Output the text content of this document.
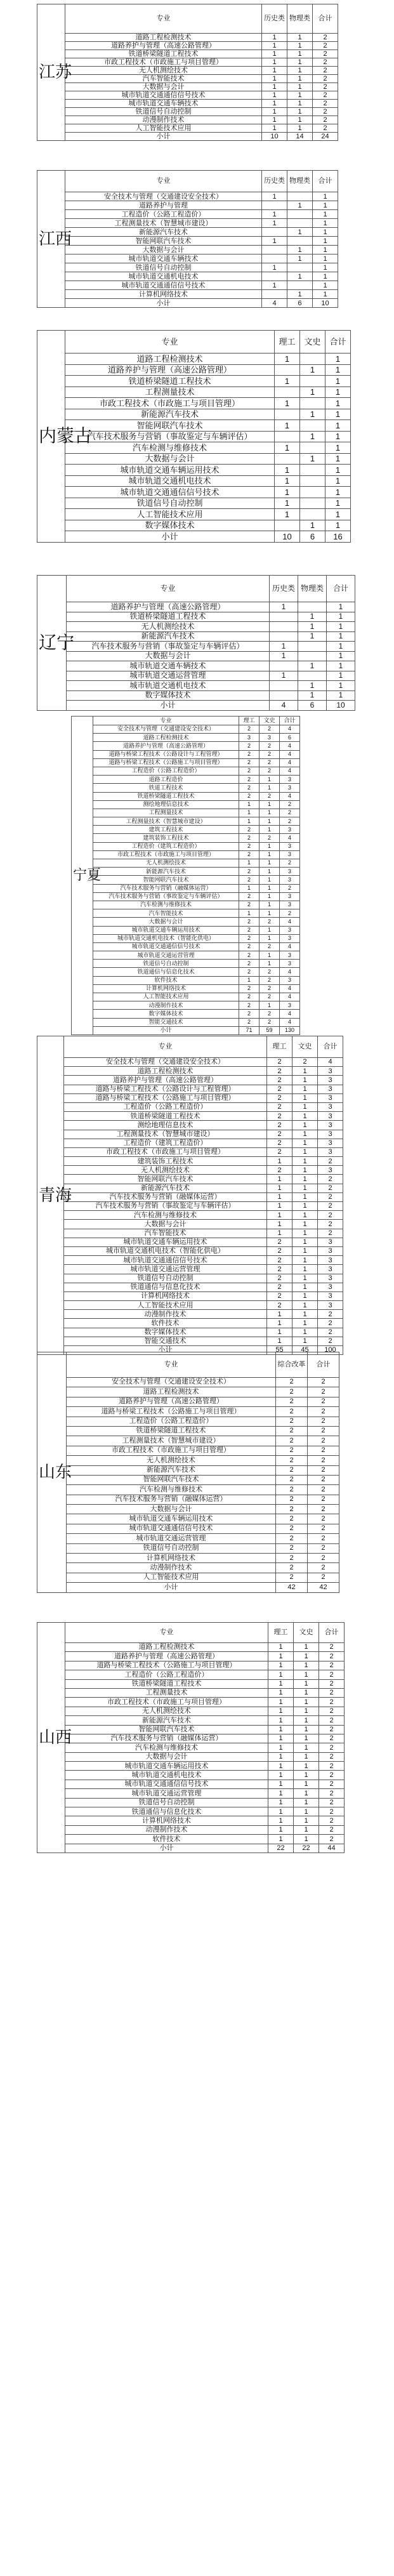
江苏	专业	历史类	物理类	合计
	道路工程检测技术	1	1	2
	道路养护与管理（高速公路管理）	1	1	2
	铁道桥梁隧道工程技术	1	1	2
	市政工程技术（市政施工与项目管理）	1	1	2
	无人机测绘技术	1	1	2
	汽车智能技术	1	1	2
	大数据与会计	1	1	2
	城市轨道交通通信信号技术	1	1	2
	城市轨道交通车辆技术	1	1	2
	铁道信号自动控制	1	1	2
	动漫制作技术	1	1	2
	人工智能技术应用	1	1	2
	小计	10	14	24
江西	专业	历史类	物理类	合计
	安全技术与管理（交通建设安全技术）	1		1
	道路养护与管理		1	1
	工程造价（公路工程造价）	1		1
	工程测量技术（智慧城市建设）	1		1
	新能源汽车技术		1	1
	智能网联汽车技术	1		1
	大数据与会计		1	1
	城市轨道交通车辆技术		1	1
	铁道信号自动控制	1		1
	城市轨道交通机电技术		1	1
	城市轨道交通通信信号技术	1		1
	计算机网络技术		1	1
	小计	4	6	10
内蒙古	专业	理工	文史	合计
	道路工程检测技术	1		1
	道路养护与管理（高速公路管理）		1	1
	铁道桥梁隧道工程技术	1		1
	工程测量技术		1	1
	市政工程技术（市政施工与项目管理）	1		1
	新能源汽车技术		1	1
	智能网联汽车技术	1		1
	汽车技术服务与营销（事故鉴定与车辆评估）		1	1
	汽车检测与维修技术	1		1
	大数据与会计		1	1
	城市轨道交通车辆运用技术	1		1
	城市轨道交通机电技术	1		1
	城市轨道交通通信信号技术	1		1
	铁道信号自动控制	1		1
	人工智能技术应用	1		1
	数字媒体技术		1	1
	小计	10	6	16
辽宁	专业	历史类	物理类	合计
	道路养护与管理（高速公路管理）	1		1
	铁道桥梁隧道工程技术		1	1
	无人机测绘技术		1	1
	新能源汽车技术		1	1
	汽车技术服务与营销（事故鉴定与车辆评估）	1		1
	大数据与会计	1		1
	城市轨道交通车辆技术		1	1
	城市轨道交通运营管理	1		1
	城市轨道交通机电技术		1	1
	数字媒体技术		1	1
	小计	4	6	10
宁夏	专业	理工	文史	合计
	安全技术与管理（交通建设安全技术）	2	2	4
	道路工程检测技术	3	3	6
	道路养护与管理（高速公路管理）	2	2	4
	道路与桥梁工程技术（公路设计与工程管理）	2	2	4
	道路与桥梁工程技术（公路施工与项目管理）	2	2	4
	工程造价（公路工程造价）	2	2	4
	道路工程造价	2	1	3
	铁道工程技术	2	1	3
	铁道桥梁隧道工程技术	2	2	4
	测绘地理信息技术	1	1	2
	工程测量技术	1	1	2
	工程测量技术（智慧城市建设）	1	1	2
	建筑工程技术	2	1	3
	建筑装饰工程技术	2	2	4
	工程造价（建筑工程造价）	2	1	3
	市政工程技术（市政施工与项目管理）	2	1	3
	无人机测绘技术	1	1	2
	新能源汽车技术	2	1	3
	智能网联汽车技术	2	1	3
	汽车技术服务与营销（融媒体运营）	1	1	2
	汽车技术服务与营销（事故鉴定与车辆评估）	2	1	3
	汽车检测与维修技术	2	1	3
	汽车智能技术	1	1	2
	大数据与会计	2	2	4
	城市轨道交通车辆运用技术	2	1	3
	城市轨道交通机电技术（智能化供电）	2	1	3
	城市轨道交通通信信号技术	2	2	4
	城市轨道交通运营管理	2	1	3
	铁道信号自动控制	2	1	3
	铁道通信与信息化技术	2	2	4
	软件技术	1	2	3
	计算机网络技术	2	2	4
	人工智能技术应用	2	2	4
	动漫制作技术	2	1	3
	数字媒体技术	2	2	4
	智能交通技术	2	2	4
	小计	71	59	130
青海	专业	理工	文史	合计
	安全技术与管理（交通建设安全技术）	2	2	4
	道路工程检测技术	2	1	3
	道路养护与管理（高速公路管理）	2	1	3
	道路与桥梁工程技术（公路设计与工程管理）	2	1	3
	道路与桥梁工程技术（公路施工与项目管理）	2	1	3
	工程造价（公路工程造价）	2	1	3
	铁道桥梁隧道工程技术	2	1	3
	测绘地理信息技术	2	1	3
	工程测量技术（智慧城市建设）	2	1	3
	工程造价（建筑工程造价）	2	1	3
	市政工程技术（市政施工与项目管理）	2	1	3
	建筑装饰工程技术	1	1	2
	无人机测绘技术	2	1	3
	智能网联汽车技术	1	1	2
	新能源汽车技术	1	1	2
	汽车技术服务与营销（融媒体运营）	1	1	2
	汽车技术服务与营销（事故鉴定与车辆评估）	1	1	2
	汽车检测与维修技术	1	1	2
	大数据与会计	1	1	2
	汽车智能技术	1	1	2
	城市轨道交通车辆运用技术	2	1	3
	城市轨道交通机电技术（智能化供电）	2	1	3
	城市轨道交通通信信号技术	2	1	3
	城市轨道交通运营管理	2	1	3
	铁道信号自动控制	2	1	3
	铁道通信与信息化技术	2	1	3
	计算机网络技术	2	1	3
	人工智能技术应用	2	1	3
	动漫制作技术	1	1	2
	软件技术	1	1	2
	数字媒体技术	1	1	2
	智能交通技术	1	1	2
	小计	55	45	100
山东	专业	综合改革	合计
	安全技术与管理（交通建设安全技术）	2	2
	道路工程检测技术	2	2
	道路养护与管理（高速公路管理）	2	2
	道路与桥梁工程技术（公路施工与项目管理）	2	2
	工程造价（公路工程造价）	2	2
	铁道桥梁隧道工程技术	2	2
	工程测量技术（智慧城市建设）	2	2
	市政工程技术（市政施工与项目管理）	2	2
	无人机测绘技术	2	2
	新能源汽车技术	2	2
	智能网联汽车技术	2	2
	汽车检测与维修技术	2	2
	汽车技术服务与营销（融媒体运营）	2	2
	大数据与会计	2	2
	城市轨道交通车辆运用技术	2	2
	城市轨道交通通信信号技术	2	2
	城市轨道交通运营管理	2	2
	铁道信号自动控制	2	2
	计算机网络技术	2	2
	动漫制作技术	2	2
	人工智能技术应用	2	2
	小计	42	42
山西	专业	理工	文史	合计
	道路工程检测技术	1	1	2
	道路养护与管理（高速公路管理）	1	1	2
	道路与桥梁工程技术（公路施工与项目管理）	1	1	2
	工程造价（公路工程造价）	1	1	2
	铁道桥梁隧道工程技术	1	1	2
	工程测量技术	1	1	2
	市政工程技术（市政施工与项目管理）	1	1	2
	无人机测绘技术	1	1	2
	新能源汽车技术	1	1	2
	智能网联汽车技术	1	1	2
	汽车技术服务与营销（融媒体运营）	1	1	2
	汽车检测与维修技术	1	1	2
	大数据与会计	1	1	2
	城市轨道交通车辆运用技术	1	1	2
	城市轨道交通机电技术	1	1	2
	城市轨道交通通信信号技术	1	1	2
	城市轨道交通运营管理	1	1	2
	铁道信号自动控制	1	1	2
	铁道通信与信息化技术	1	1	2
	计算机网络技术	1	1	2
	动漫制作技术	1	1	2
	软件技术	1	1	2
	小计	22	22	44
